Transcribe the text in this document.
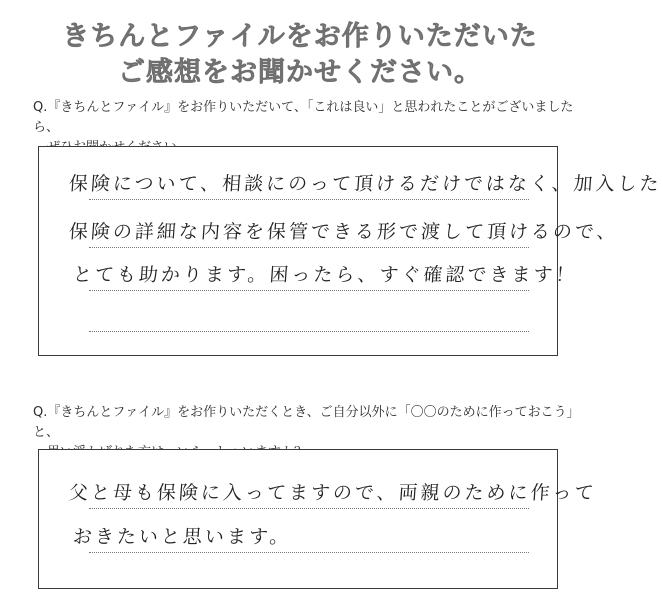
きちんとファイルをお作りいただいた
ご感想をお聞かせください。
Q.『きちんとファイル』をお作りいただいて、「これは良い」と思われたことがございましたら、
保険について、相談にのって頂けるだけではなく、加入した
保険の詳細な内容を保管できる形で渡して頂けるので、
とても助かります。困ったら、すぐ確認できます！
Q.『きちんとファイル』をお作りいただくとき、ご自分以外に「〇〇のために作っておこう」と、
父と母も保険に入ってますので、両親のために作って
おきたいと思います。
